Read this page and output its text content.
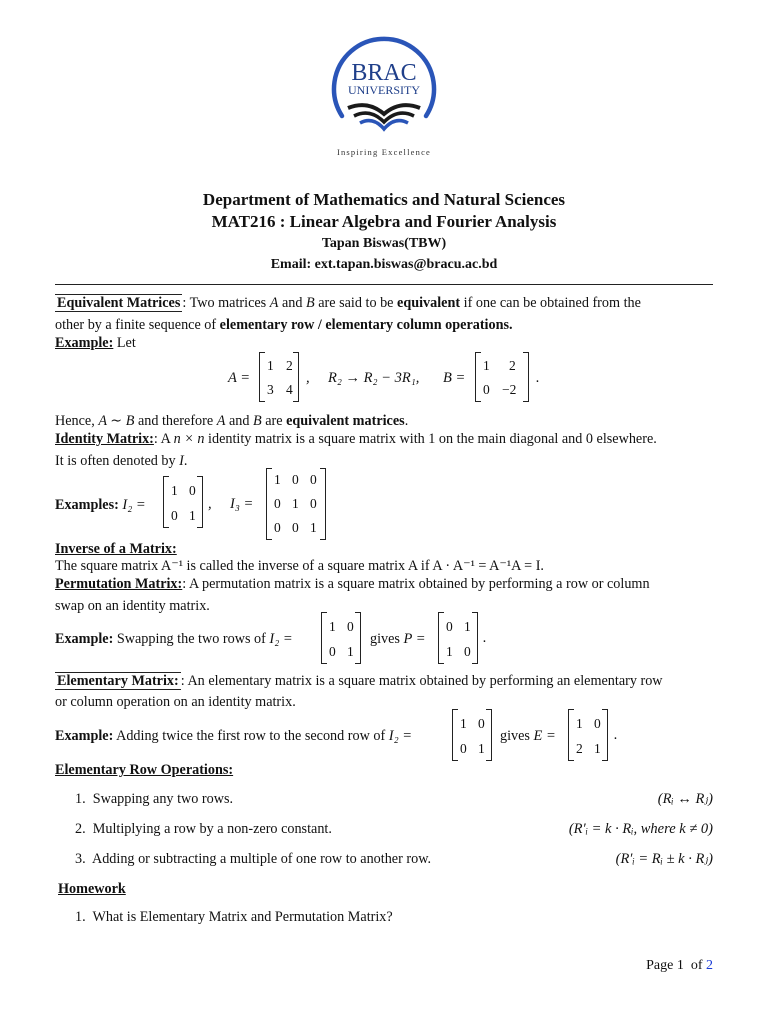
BRAC
UNIVERSITY
Inspiring Excellence
Department of Mathematics and Natural Sciences
MAT216 : Linear Algebra and Fourier Analysis
Tapan Biswas(TBW)
Email: ext.tapan.biswas@bracu.ac.bd
Equivalent Matrices : Two matrices A and B are said to be equivalent if one can be obtained from the
other by a finite sequence of elementary row / elementary column operations.
Example: Let
A =
1 2
3 4
, R₂ → R₂ − 3R₁, B =
1 2
0 −2
.
Hence, A ∼ B and therefore A and B are equivalent matrices.
Identity Matrix:: A n × n identity matrix is a square matrix with 1 on the main diagonal and 0 elsewhere.
It is often denoted by I.
Examples: I₂ =
1 0
0 1
, I₃ =
1 0 0
0 1 0
0 0 1
Inverse of a Matrix:
The square matrix A⁻¹ is called the inverse of a square matrix A if A · A⁻¹ = A⁻¹A = I.
Permutation Matrix:: A permutation matrix is a square matrix obtained by performing a row or column
swap on an identity matrix.
Example: Swapping the two rows of I₂ =
1 0
0 1
gives P =
0 1
1 0
.
Elementary Matrix: : An elementary matrix is a square matrix obtained by performing an elementary row
or column operation on an identity matrix.
Example: Adding twice the first row to the second row of I₂ =
1 0
0 1
gives E =
1 0
2 1
.
Elementary Row Operations:
1. Swapping any two rows.	(Rᵢ ↔ Rⱼ)
2. Multiplying a row by a non-zero constant.	(R′ᵢ = k · Rᵢ, where k ≠ 0)
3. Adding or subtracting a multiple of one row to another row.	(R′ᵢ = Rᵢ ± k · Rⱼ)
Homework
1. What is Elementary Matrix and Permutation Matrix?
Page 1 of 2
